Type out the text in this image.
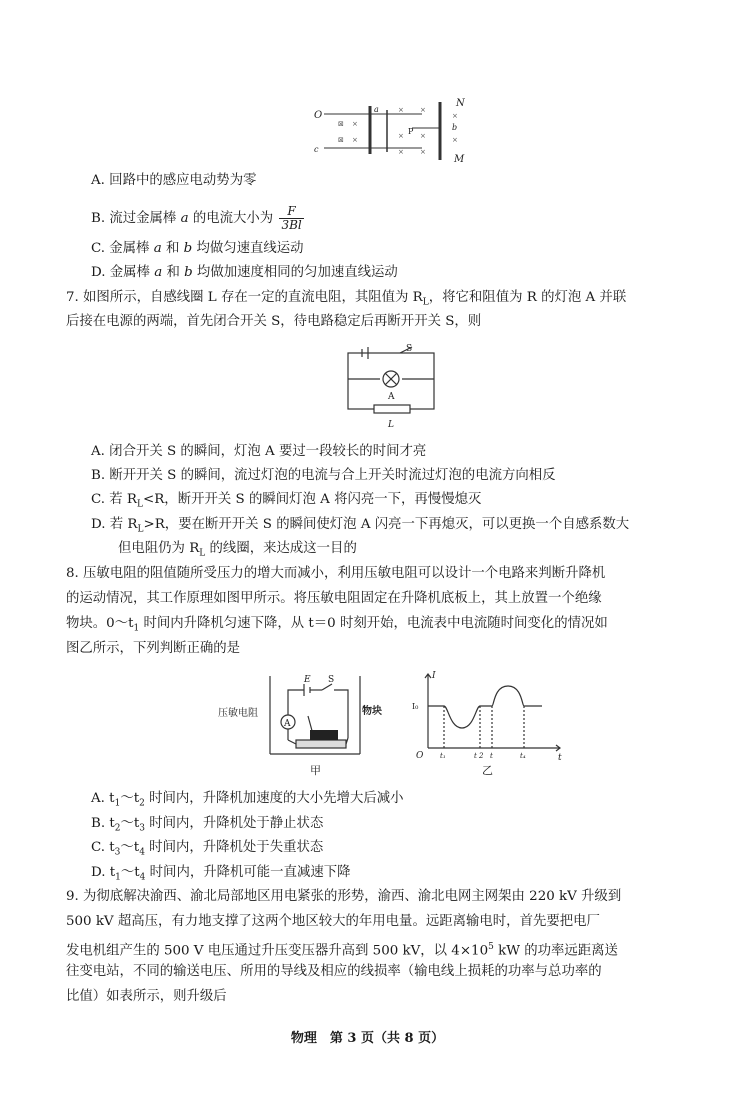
⊠ ×
⊠ ×
× ×
× ×
× ×
×
×
O
c
a
P	b
N
M
A. 回路中的感应电动势为零
B. 流过金属棒 a 的电流大小为 $\frac{F}{3Bl}$
C. 金属棒 a 和 b 均做匀速直线运动
D. 金属棒 a 和 b 均做加速度相同的匀加速直线运动
7. 如图所示，自感线圈 L 存在一定的直流电阻，其阻值为 $R_L$，将它和阻值为 R 的灯泡 A 并联
后接在电源的两端，首先闭合开关 S，待电路稳定后再断开开关 S，则
S
A
L
A. 闭合开关 S 的瞬间，灯泡 A 要过一段较长的时间才亮
B. 断开开关 S 的瞬间，流过灯泡的电流与合上开关时流过灯泡的电流方向相反
C. 若 $R_L<R$，断开开关 S 的瞬间灯泡 A 将闪亮一下，再慢慢熄灭
D. 若 $R_L>R$，要在断开开关 S 的瞬间使灯泡 A 闪亮一下再熄灭，可以更换一个自感系数大
但电阻仍为 $R_L$ 的线圈，来达成这一目的
8. 压敏电阻的阻值随所受压力的增大而减小，利用压敏电阻可以设计一个电路来判断升降机
的运动情况，其工作原理如图甲所示。将压敏电阻固定在升降机底板上，其上放置一个绝缘
物块。$0\sim t_1$ 时间内升降机匀速下降，从 t＝0 时刻开始，电流表中电流随时间变化的情况如
图乙所示，下列判断正确的是
A
E S
压敏电阻	物块
甲
I
I₀
O	t
t₁	t 2 t	t₄
乙
A. $t_1\sim t_2$ 时间内，升降机加速度的大小先增大后减小
B. $t_2\sim t_3$ 时间内，升降机处于静止状态
C. $t_3\sim t_4$ 时间内，升降机处于失重状态
D. $t_1\sim t_4$ 时间内，升降机可能一直减速下降
9. 为彻底解决渝西、渝北局部地区用电紧张的形势，渝西、渝北电网主网架由 220 kV 升级到
500 kV 超高压，有力地支撑了这两个地区较大的年用电量。远距离输电时，首先要把电厂
发电机组产生的 500 V 电压通过升压变压器升高到 500 kV，以 $4\times 10^5$ kW 的功率远距离送
往变电站，不同的输送电压、所用的导线及相应的线损率（输电线上损耗的功率与总功率的
比值）如表所示，则升级后
物理　第 3 页（共 8 页）
